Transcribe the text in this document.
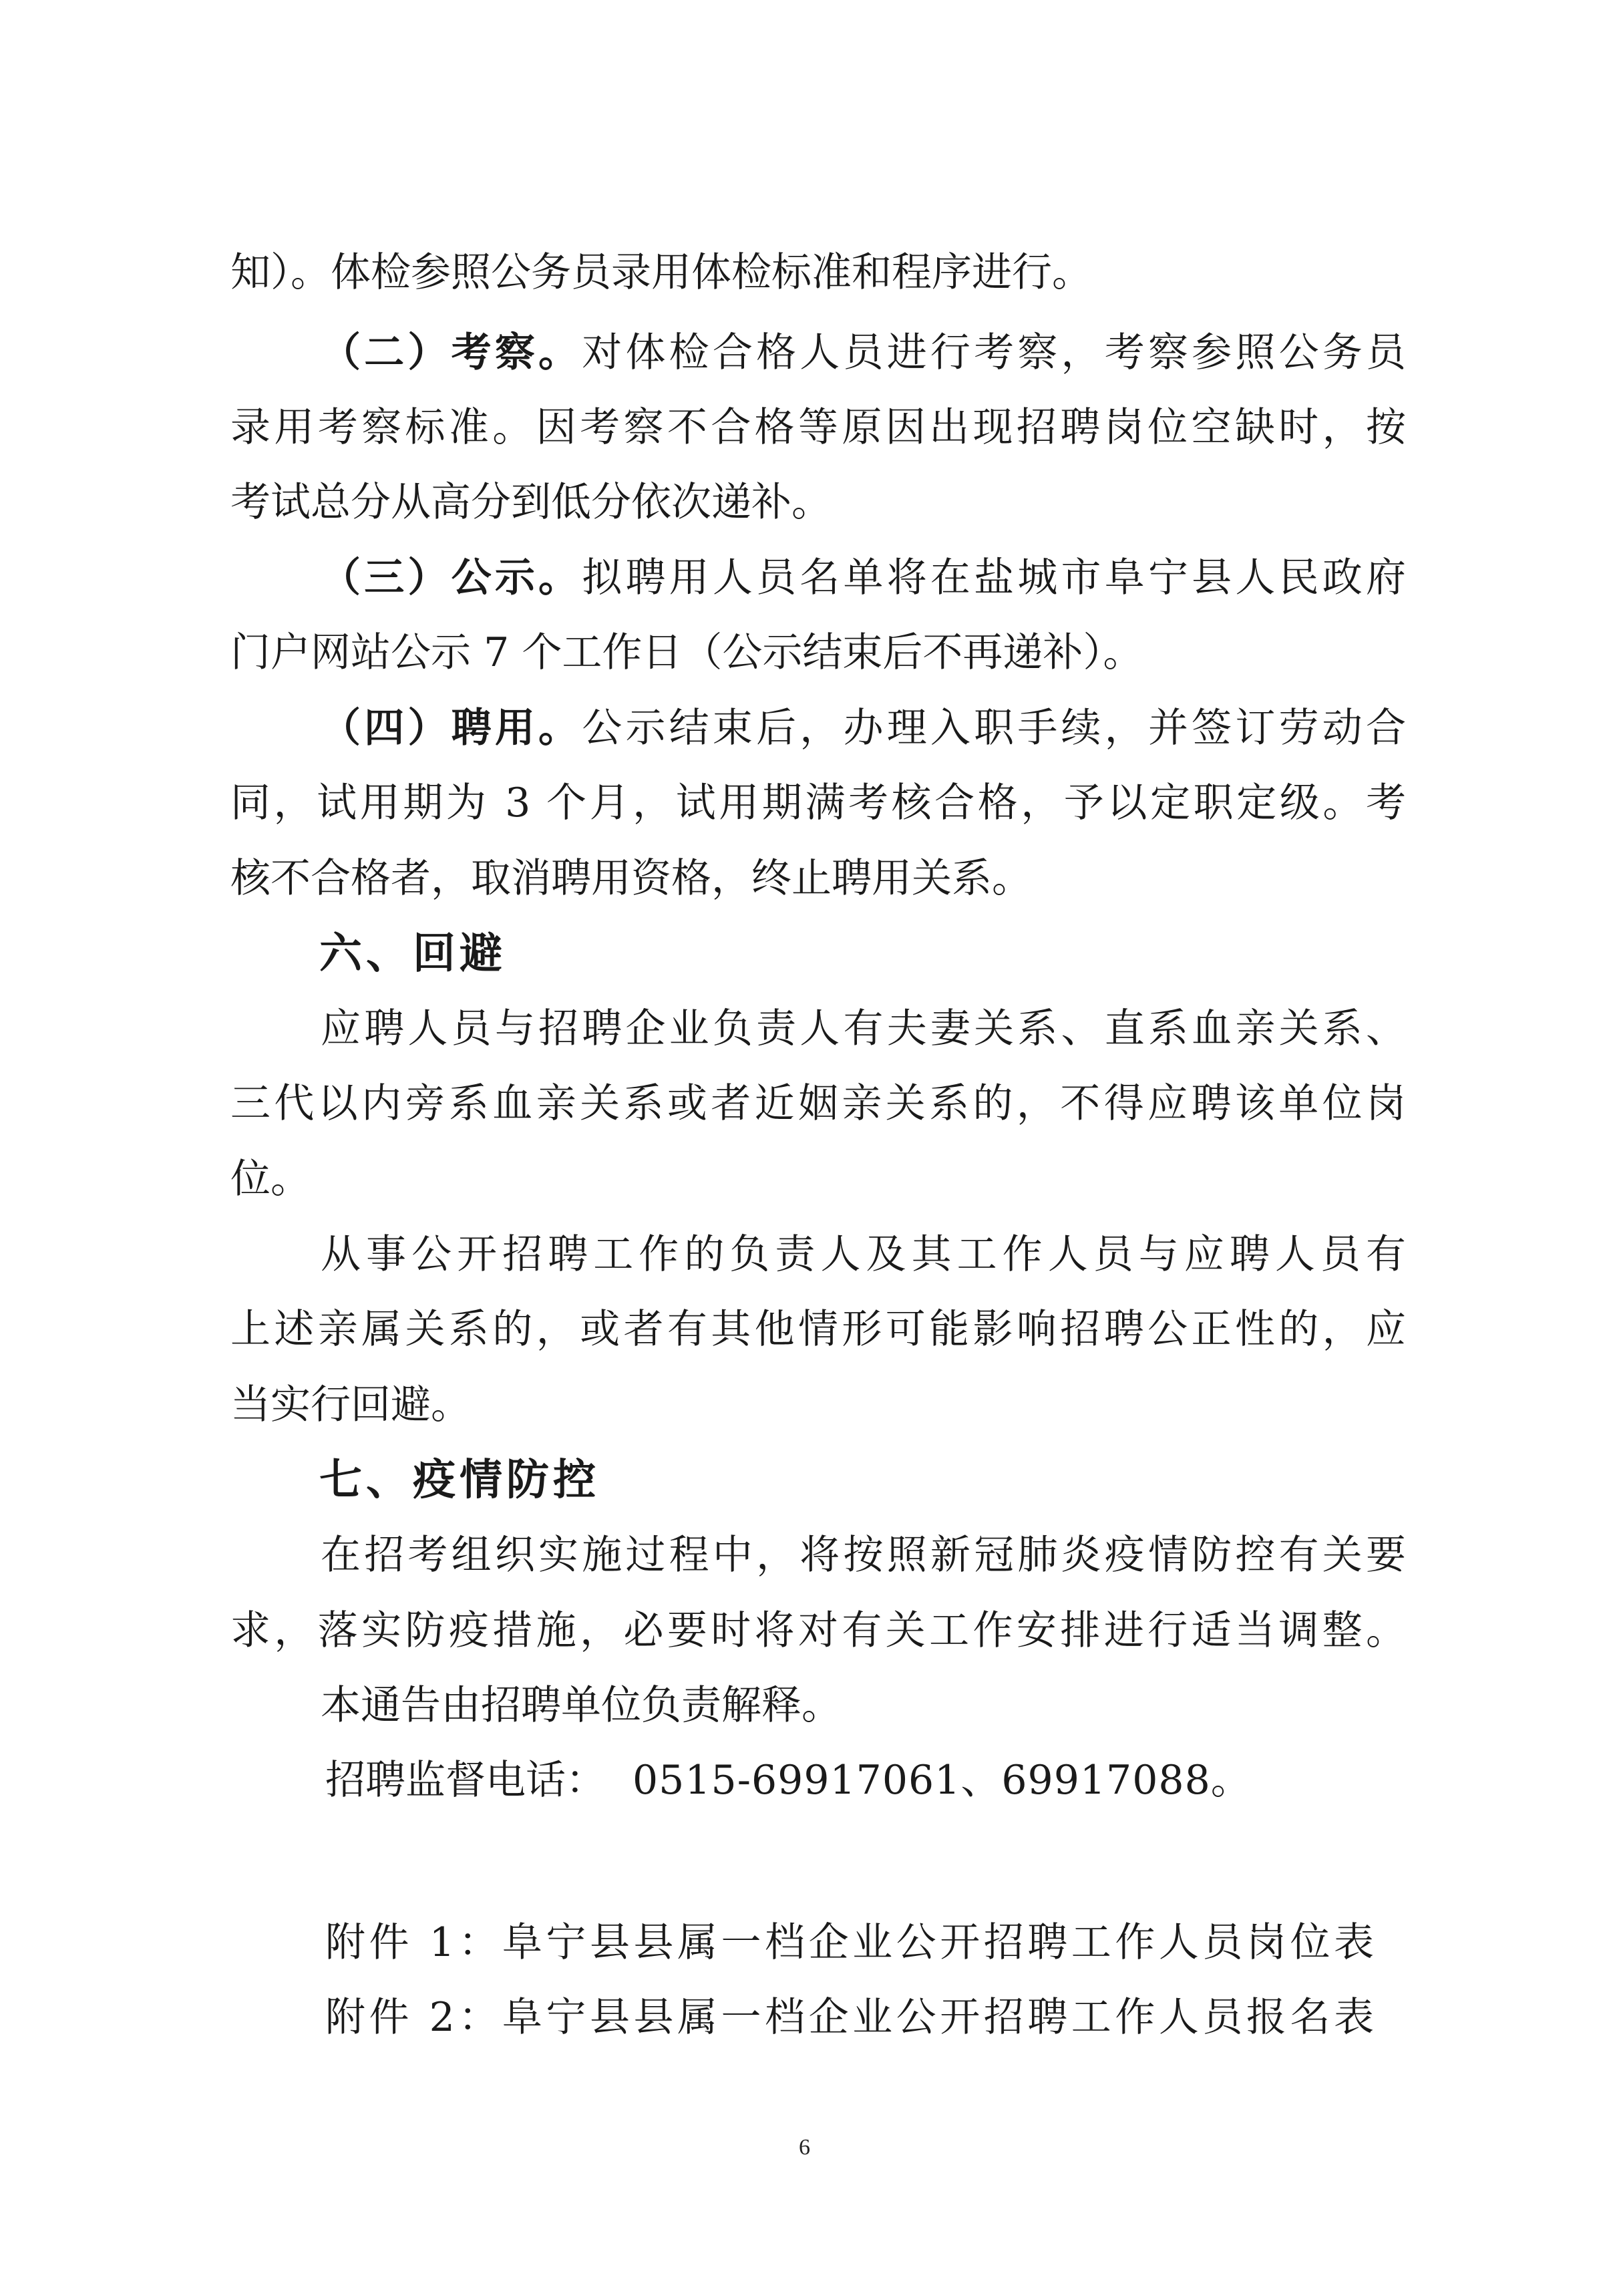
知）。体检参照公务员录用体检标准和程序进行。
（二）考察。对体检合格人员进行考察，考察参照公务员
录用考察标准。因考察不合格等原因出现招聘岗位空缺时，按
考试总分从高分到低分依次递补。
（三）公示。拟聘用人员名单将在盐城市阜宁县人民政府
门户网站公示 7 个工作日（公示结束后不再递补）。
（四）聘用。公示结束后，办理入职手续，并签订劳动合
同，试用期为 3 个月，试用期满考核合格，予以定职定级。考
核不合格者，取消聘用资格，终止聘用关系。
六、回避
应聘人员与招聘企业负责人有夫妻关系、直系血亲关系、
三代以内旁系血亲关系或者近姻亲关系的，不得应聘该单位岗
位。
从事公开招聘工作的负责人及其工作人员与应聘人员有
上述亲属关系的，或者有其他情形可能影响招聘公正性的，应
当实行回避。
七、疫情防控
在招考组织实施过程中，将按照新冠肺炎疫情防控有关要
求，落实防疫措施，必要时将对有关工作安排进行适当调整。
本通告由招聘单位负责解释。
招聘监督电话： 0515-69917061、69917088。
附件 1：阜宁县县属一档企业公开招聘工作人员岗位表
附件 2：阜宁县县属一档企业公开招聘工作人员报名表
6
